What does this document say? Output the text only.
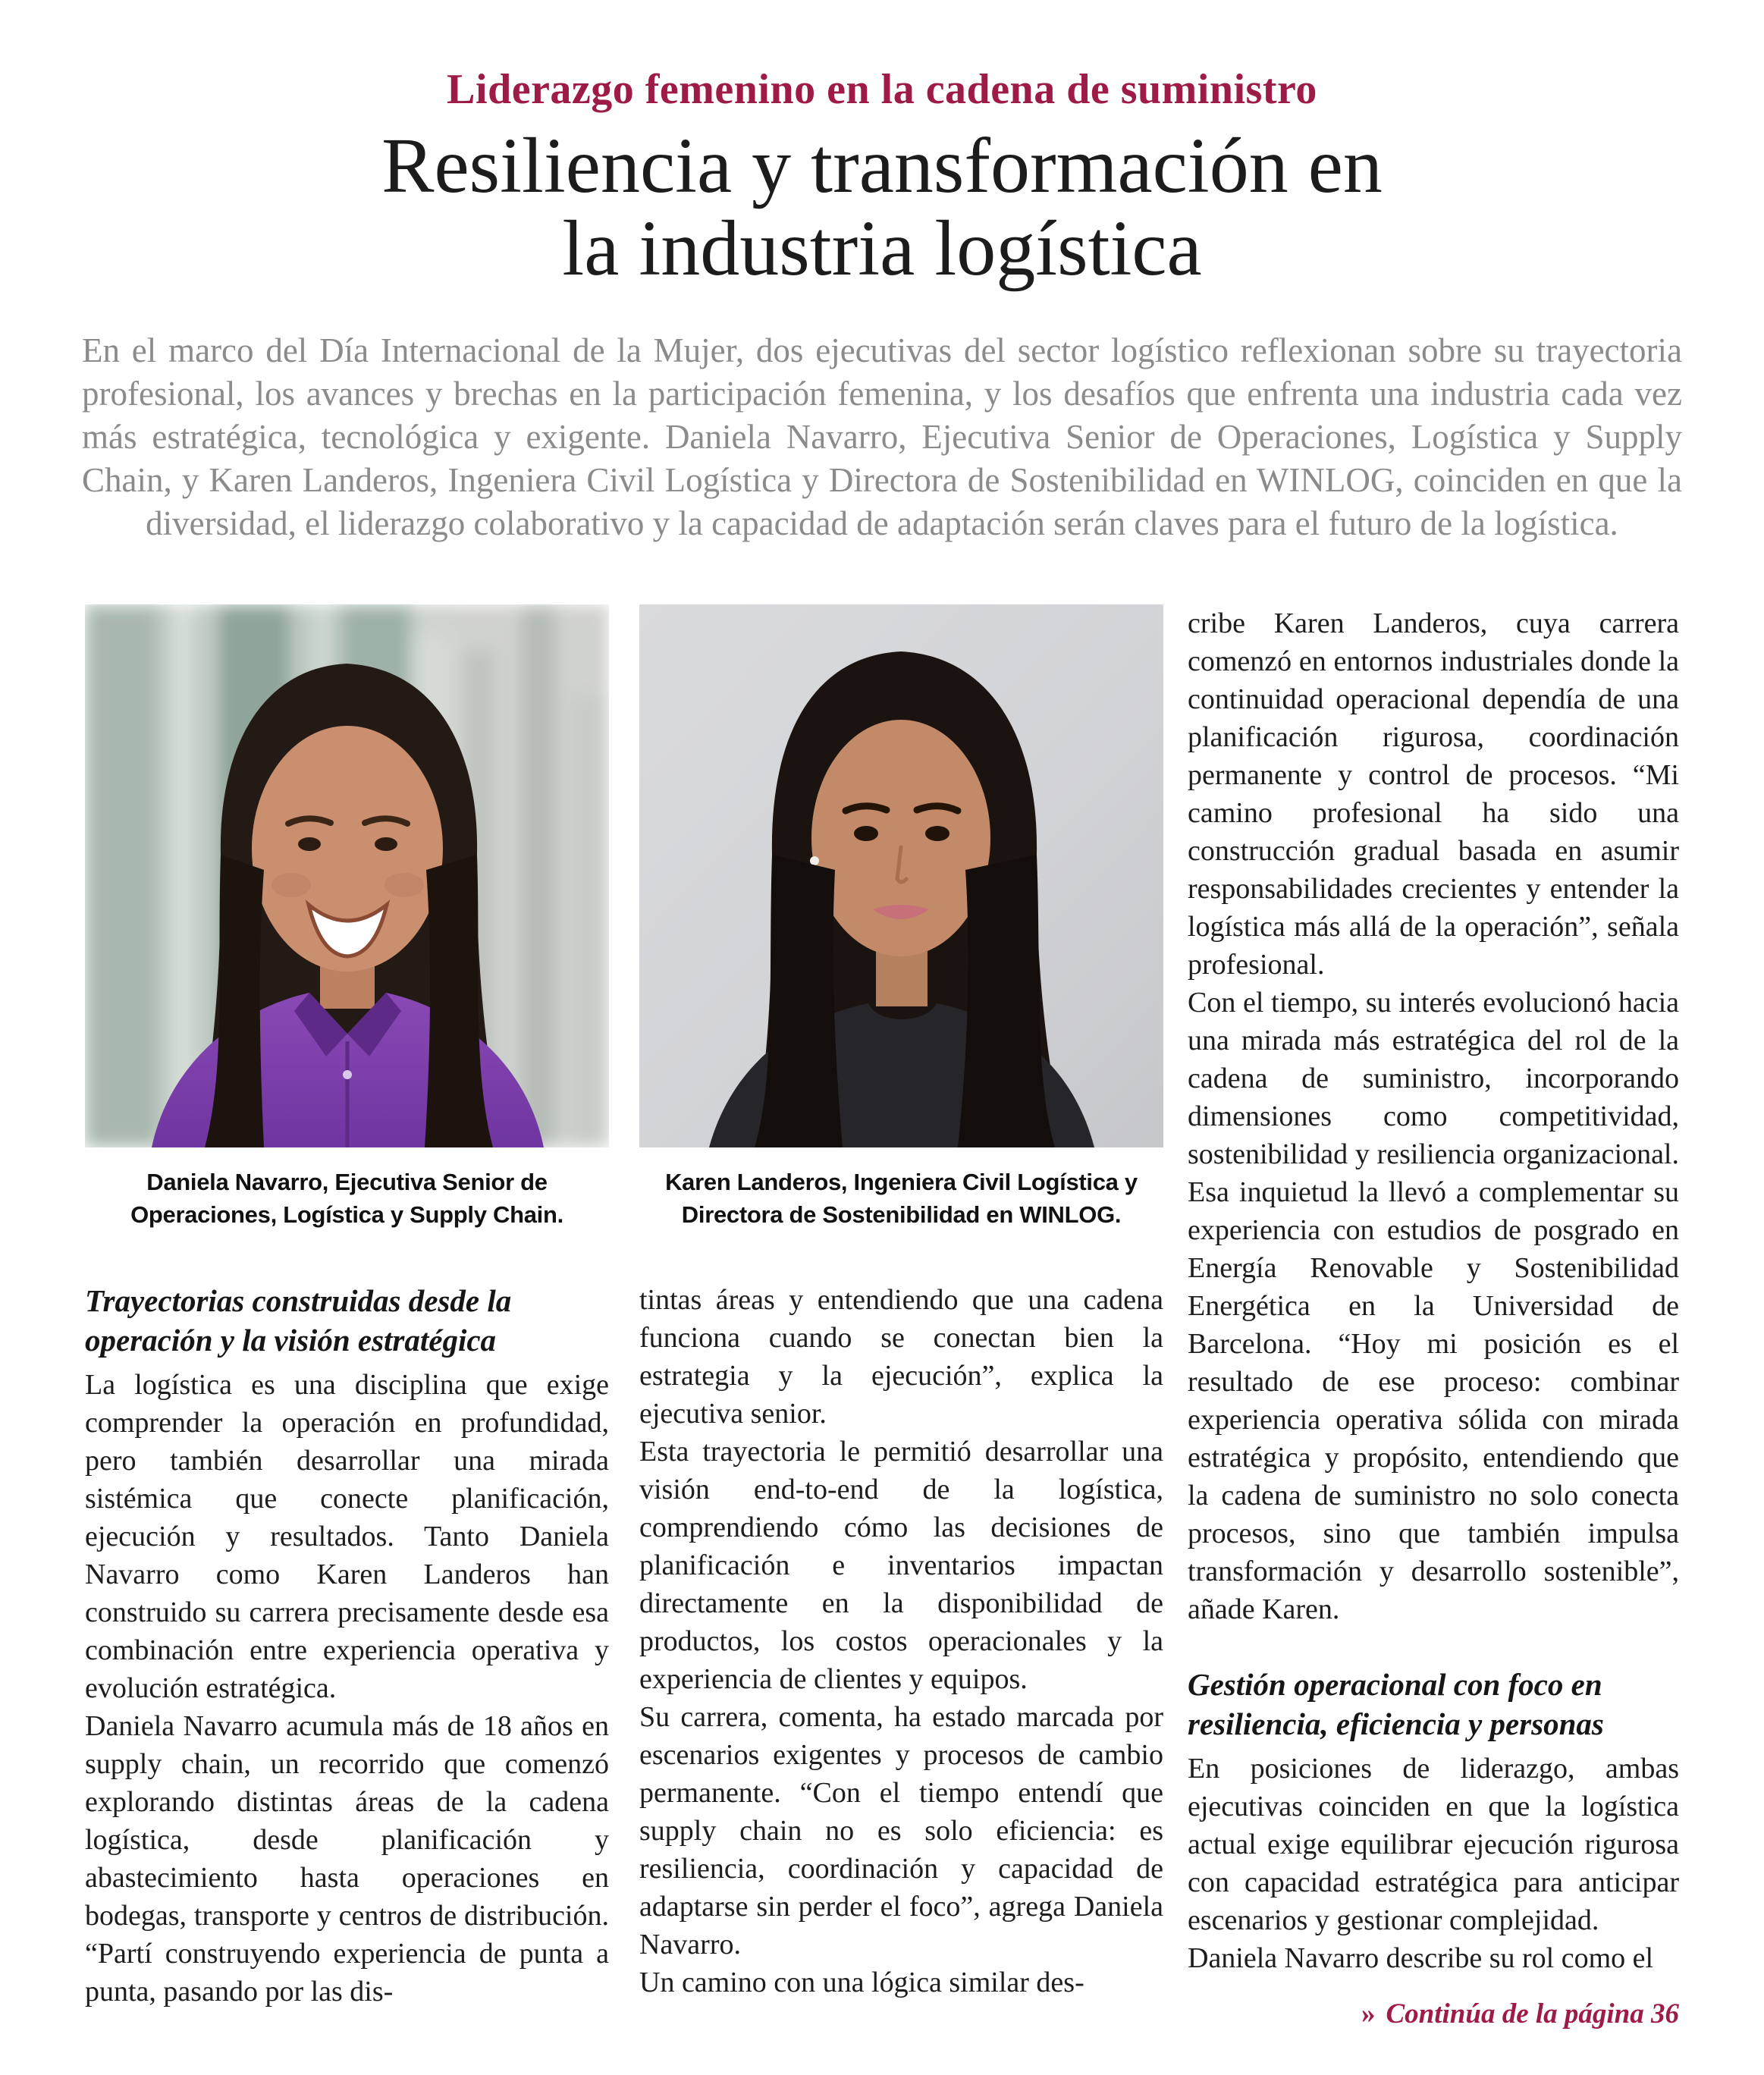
Liderazgo femenino en la cadena de suministro
Resiliencia y transformación en
la industria logística
En el marco del Día Internacional de la Mujer, dos ejecutivas del sector logístico reflexionan sobre su trayectoria profesional, los avances y brechas en la participación femenina, y los desafíos que enfrenta una industria cada vez más estratégica, tecnológica y exigente. Daniela Navarro, Ejecutiva Senior de Operaciones, Logística y Supply Chain, y Karen Landeros, Ingeniera Civil Logística y Directora de Sostenibilidad en WINLOG, coinciden en que la diversidad, el liderazgo colaborativo y la capacidad de adaptación serán claves para el futuro de la logística.
Daniela Navarro, Ejecutiva Senior de Operaciones, Logística y Supply Chain.
Karen Landeros, Ingeniera Civil Logística y Directora de Sostenibilidad en WINLOG.
Trayectorias construidas desde la operación y la visión estratégica

La logística es una disciplina que exige comprender la operación en profundidad, pero también desarrollar una mirada sistémica que conecte planificación, ejecución y resultados. Tanto Daniela Navarro como Karen Landeros han construido su carrera precisamente desde esa combinación entre experiencia operativa y evolución estratégica.

Daniela Navarro acumula más de 18 años en supply chain, un recorrido que comenzó explorando distintas áreas de la cadena logística, desde planificación y abastecimiento hasta operaciones en bodegas, transporte y centros de distribución. “Partí construyendo experiencia de punta a punta, pasando por las dis-

tintas áreas y entendiendo que una cadena funciona cuando se conectan bien la estrategia y la ejecución”, explica la ejecutiva senior.

Esta trayectoria le permitió desarrollar una visión end-to-end de la logística, comprendiendo cómo las decisiones de planificación e inventarios impactan directamente en la disponibilidad de productos, los costos operacionales y la experiencia de clientes y equipos.

Su carrera, comenta, ha estado marcada por escenarios exigentes y procesos de cambio permanente. “Con el tiempo entendí que supply chain no es solo eficiencia: es resiliencia, coordinación y capacidad de adaptarse sin perder el foco”, agrega Daniela Navarro.

Un camino con una lógica similar des-

cribe Karen Landeros, cuya carrera comenzó en entornos industriales donde la continuidad operacional dependía de una planificación rigurosa, coordinación permanente y control de procesos. “Mi camino profesional ha sido una construcción gradual basada en asumir responsabilidades crecientes y entender la logística más allá de la operación”, señala profesional.

Con el tiempo, su interés evolucionó hacia una mirada más estratégica del rol de la cadena de suministro, incorporando dimensiones como competitividad, sostenibilidad y resiliencia organizacional. Esa inquietud la llevó a complementar su experiencia con estudios de posgrado en Energía Renovable y Sostenibilidad Energética en la Universidad de Barcelona. “Hoy mi posición es el resultado de ese proceso: combinar experiencia operativa sólida con mirada estratégica y propósito, entendiendo que la cadena de suministro no solo conecta procesos, sino que también impulsa transformación y desarrollo sostenible”, añade Karen.

Gestión operacional con foco en resiliencia, eficiencia y personas

En posiciones de liderazgo, ambas ejecutivas coinciden en que la logística actual exige equilibrar ejecución rigurosa con capacidad estratégica para anticipar escenarios y gestionar complejidad.

Daniela Navarro describe su rol como el

» Continúa de la página 36
